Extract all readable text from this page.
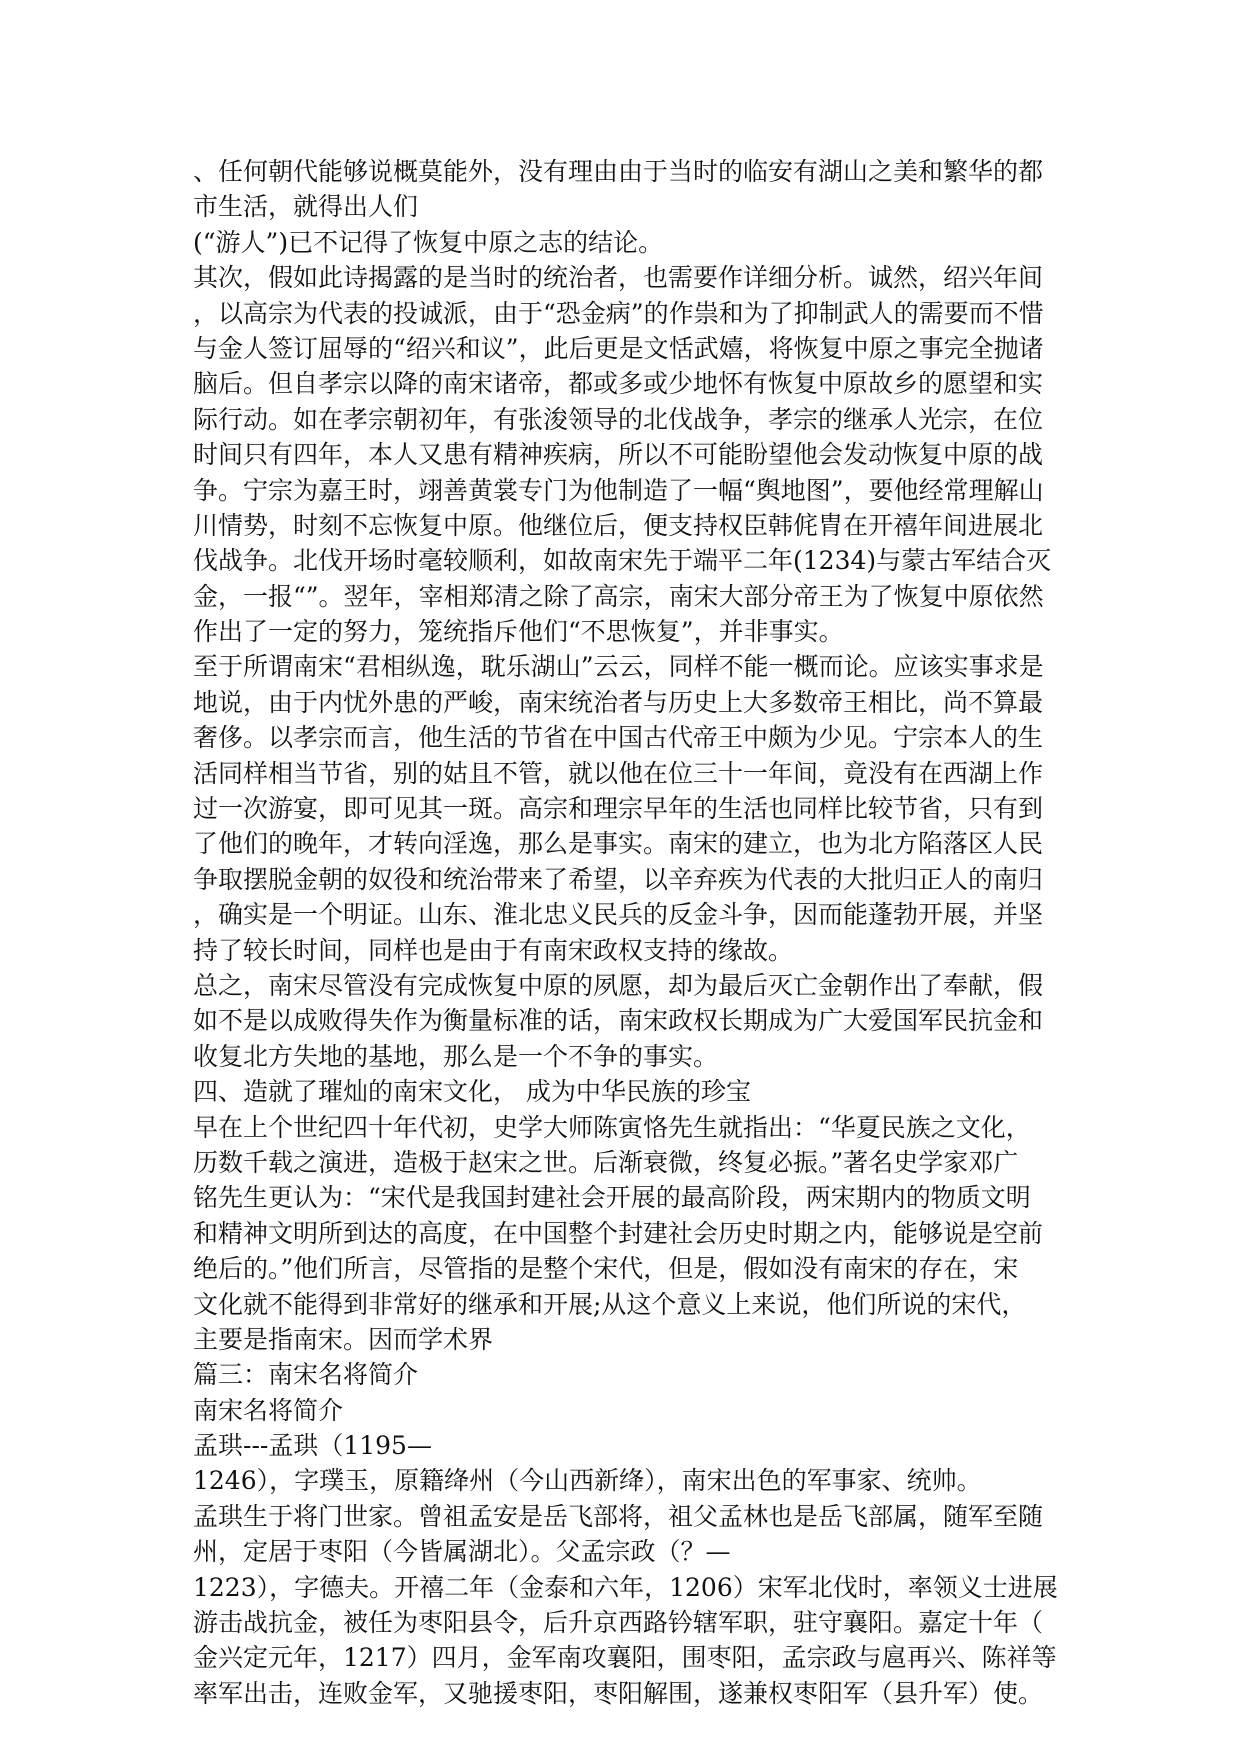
、任何朝代能够说概莫能外，没有理由由于当时的临安有湖山之美和繁华的都
市生活，就得出人们
(“游人”)已不记得了恢复中原之志的结论。
其次，假如此诗揭露的是当时的统治者，也需要作详细分析。诚然，绍兴年间
，以高宗为代表的投诚派，由于“恐金病”的作祟和为了抑制武人的需要而不惜
与金人签订屈辱的“绍兴和议”，此后更是文恬武嬉，将恢复中原之事完全抛诸
脑后。但自孝宗以降的南宋诸帝，都或多或少地怀有恢复中原故乡的愿望和实
际行动。如在孝宗朝初年，有张浚领导的北伐战争，孝宗的继承人光宗，在位
时间只有四年，本人又患有精神疾病，所以不可能盼望他会发动恢复中原的战
争。宁宗为嘉王时，翊善黄裳专门为他制造了一幅“舆地图”，要他经常理解山
川情势，时刻不忘恢复中原。他继位后，便支持权臣韩侂胄在开禧年间进展北
伐战争。北伐开场时毫较顺利，如故南宋先于端平二年(1234)与蒙古军结合灭
金，一报“”。翌年，宰相郑清之除了高宗，南宋大部分帝王为了恢复中原依然
作出了一定的努力，笼统指斥他们“不思恢复”，并非事实。
至于所谓南宋“君相纵逸，耽乐湖山”云云，同样不能一概而论。应该实事求是
地说，由于内忧外患的严峻，南宋统治者与历史上大多数帝王相比，尚不算最
奢侈。以孝宗而言，他生活的节省在中国古代帝王中颇为少见。宁宗本人的生
活同样相当节省，别的姑且不管，就以他在位三十一年间，竟没有在西湖上作
过一次游宴，即可见其一斑。高宗和理宗早年的生活也同样比较节省，只有到
了他们的晚年，才转向淫逸，那么是事实。南宋的建立，也为北方陷落区人民
争取摆脱金朝的奴役和统治带来了希望，以辛弃疾为代表的大批归正人的南归
，确实是一个明证。山东、淮北忠义民兵的反金斗争，因而能蓬勃开展，并坚
持了较长时间，同样也是由于有南宋政权支持的缘故。
总之，南宋尽管没有完成恢复中原的夙愿，却为最后灭亡金朝作出了奉献，假
如不是以成败得失作为衡量标准的话，南宋政权长期成为广大爱国军民抗金和
收复北方失地的基地，那么是一个不争的事实。
四、造就了璀灿的南宋文化， 成为中华民族的珍宝
早在上个世纪四十年代初，史学大师陈寅恪先生就指出：“华夏民族之文化，
历数千载之演进，造极于赵宋之世。后渐衰微，终复必振。”著名史学家邓广
铭先生更认为：“宋代是我国封建社会开展的最高阶段，两宋期内的物质文明
和精神文明所到达的高度，在中国整个封建社会历史时期之内，能够说是空前
绝后的。”他们所言，尽管指的是整个宋代，但是，假如没有南宋的存在，宋
文化就不能得到非常好的继承和开展;从这个意义上来说，他们所说的宋代，
主要是指南宋。因而学术界
篇三：南宋名将简介
南宋名将简介
孟珙---孟珙（1195—
1246），字璞玉，原籍绛州（今山西新绛），南宋出色的军事家、统帅。
孟珙生于将门世家。曾祖孟安是岳飞部将，祖父孟林也是岳飞部属，随军至随
州，定居于枣阳（今皆属湖北）。父孟宗政（？—
1223），字德夫。开禧二年（金泰和六年，1206）宋军北伐时，率领义士进展
游击战抗金，被任为枣阳县令，后升京西路钤辖军职，驻守襄阳。嘉定十年（
金兴定元年，1217）四月，金军南攻襄阳，围枣阳，孟宗政与扈再兴、陈祥等
率军出击，连败金军，又驰援枣阳，枣阳解围，遂兼权枣阳军（县升军）使。
